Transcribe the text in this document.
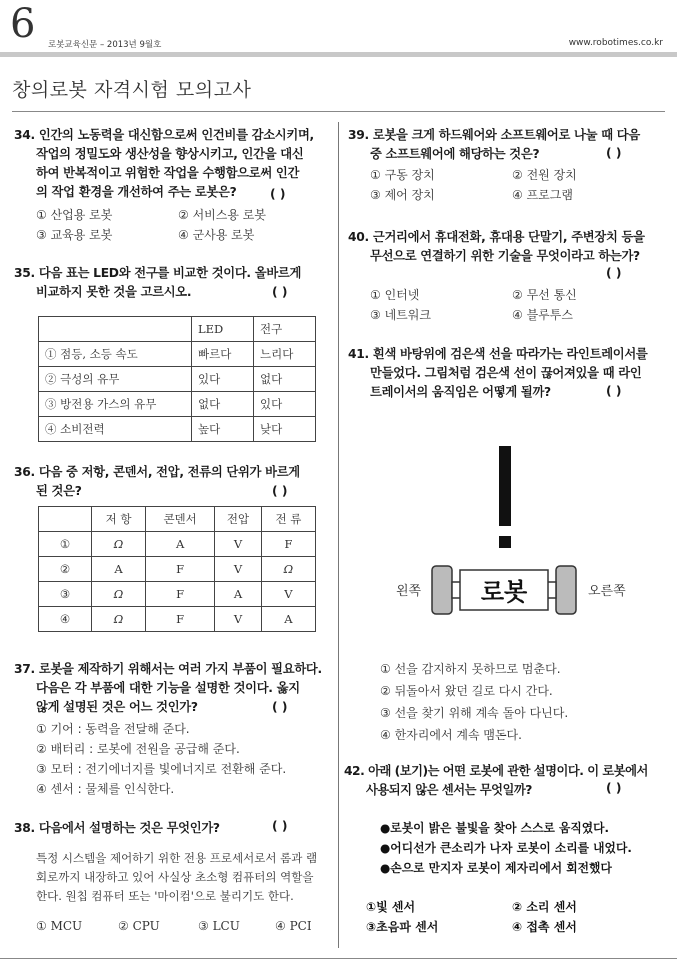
6 로봇교육신문 – 2013년 9월호	www.robotimes.co.kr
창의로봇 자격시험 모의고사
34. 인간의 노동력을 대신함으로써 인건비를 감소시키며,
작업의 정밀도와 생산성을 향상시키고, 인간을 대신
하여 반복적이고 위험한 작업을 수행함으로써 인간
의 작업 환경을 개선하여 주는 로봇은?	( )
① 산업용 로봇	② 서비스용 로봇
③ 교육용 로봇	④ 군사용 로봇
35. 다음 표는 LED와 전구를 비교한 것이다. 올바르게
비교하지 못한 것을 고르시오.	( )
	LED	전구
① 점등, 소등 속도	빠르다	느리다
② 극성의 유무	있다	없다
③ 방전용 가스의 유무	없다	있다
④ 소비전력	높다	낮다
36. 다음 중 저항, 콘덴서, 전압, 전류의 단위가 바르게
된 것은?	( )
	저 항	콘덴서	전압	전 류
①	Ω	A	V	F
②	A	F	V	Ω
③	Ω	F	A	V
④	Ω	F	V	A
37. 로봇을 제작하기 위해서는 여러 가지 부품이 필요하다.
다음은 각 부품에 대한 기능을 설명한 것이다. 옳지
않게 설명된 것은 어느 것인가?	( )
① 기어 : 동력을 전달해 준다.
② 배터리 : 로봇에 전원을 공급해 준다.
③ 모터 : 전기에너지를 빛에너지로 전환해 준다.
④ 센서 : 물체를 인식한다.
38. 다음에서 설명하는 것은 무엇인가?	( )
특정 시스템을 제어하기 위한 전용 프로세서로서 롬과 램
회로까지 내장하고 있어 사실상 초소형 컴퓨터의 역할을
한다. 원칩 컴퓨터 또는 '마이컴'으로 불리기도 한다.
① MCU	② CPU	③ LCU	④ PCI
39. 로봇을 크게 하드웨어와 소프트웨어로 나눌 때 다음
중 소프트웨어에 해당하는 것은?	( )
① 구동 장치	② 전원 장치
③ 제어 장치	④ 프로그램
40. 근거리에서 휴대전화, 휴대용 단말기, 주변장치 등을
무선으로 연결하기 위한 기술을 무엇이라고 하는가?
( )
① 인터넷	② 무선 통신
③ 네트워크	④ 블루투스
41. 흰색 바탕위에 검은색 선을 따라가는 라인트레이서를
만들었다. 그림처럼 검은색 선이 끊어져있을 때 라인
트레이서의 움직임은 어떻게 될까?	( )
로봇
왼쪽	오른쪽
① 선을 감지하지 못하므로 멈춘다.
② 뒤돌아서 왔던 길로 다시 간다.
③ 선을 찾기 위해 계속 돌아 다닌다.
④ 한자리에서 계속 맴돈다.
42. 아래 (보기)는 어떤 로봇에 관한 설명이다. 이 로봇에서
사용되지 않은 센서는 무엇일까?	( )
●로봇이 밝은 불빛을 찾아 스스로 움직였다.
●어디선가 큰소리가 나자 로봇이 소리를 내었다.
●손으로 만지자 로봇이 제자리에서 회전했다
①빛 센서	② 소리 센서
③초음파 센서	④ 접촉 센서
